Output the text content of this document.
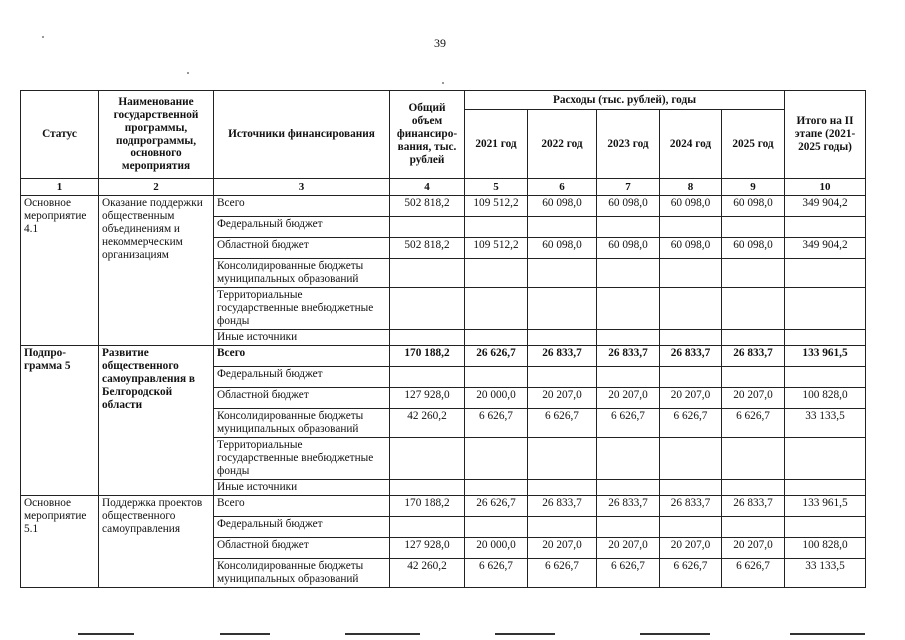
39
Статус	Наименование государственной программы, подпрограммы, основного мероприятия	Источники финансирования	Общий объем финансиро-вания, тыс. рублей	Расходы (тыс. рублей), годы					Итого на II этапе (2021-2025 годы)
				2021 год	2022 год	2023 год	2024 год	2025 год	
1	2	3	4	5	6	7	8	9	10
Основное мероприятие 4.1	Оказание поддержки общественным объединениям и некоммерческим организациям	Всего	502 818,2	109 512,2	60 098,0	60 098,0	60 098,0	60 098,0	349 904,2
		Федеральный бюджет							
		Областной бюджет	502 818,2	109 512,2	60 098,0	60 098,0	60 098,0	60 098,0	349 904,2
		Консолидированные бюджеты муниципальных образований							
		Территориальные государственные внебюджетные фонды							
		Иные источники							
Подпро-грамма 5	Развитие общественного самоуправления в Белгородской области	Всего	170 188,2	26 626,7	26 833,7	26 833,7	26 833,7	26 833,7	133 961,5
		Федеральный бюджет							
		Областной бюджет	127 928,0	20 000,0	20 207,0	20 207,0	20 207,0	20 207,0	100 828,0
		Консолидированные бюджеты муниципальных образований	42 260,2	6 626,7	6 626,7	6 626,7	6 626,7	6 626,7	33 133,5
		Территориальные государственные внебюджетные фонды							
		Иные источники							
Основное мероприятие 5.1	Поддержка проектов общественного самоуправления	Всего	170 188,2	26 626,7	26 833,7	26 833,7	26 833,7	26 833,7	133 961,5
		Федеральный бюджет							
		Областной бюджет	127 928,0	20 000,0	20 207,0	20 207,0	20 207,0	20 207,0	100 828,0
		Консолидированные бюджеты муниципальных образований	42 260,2	6 626,7	6 626,7	6 626,7	6 626,7	6 626,7	33 133,5
